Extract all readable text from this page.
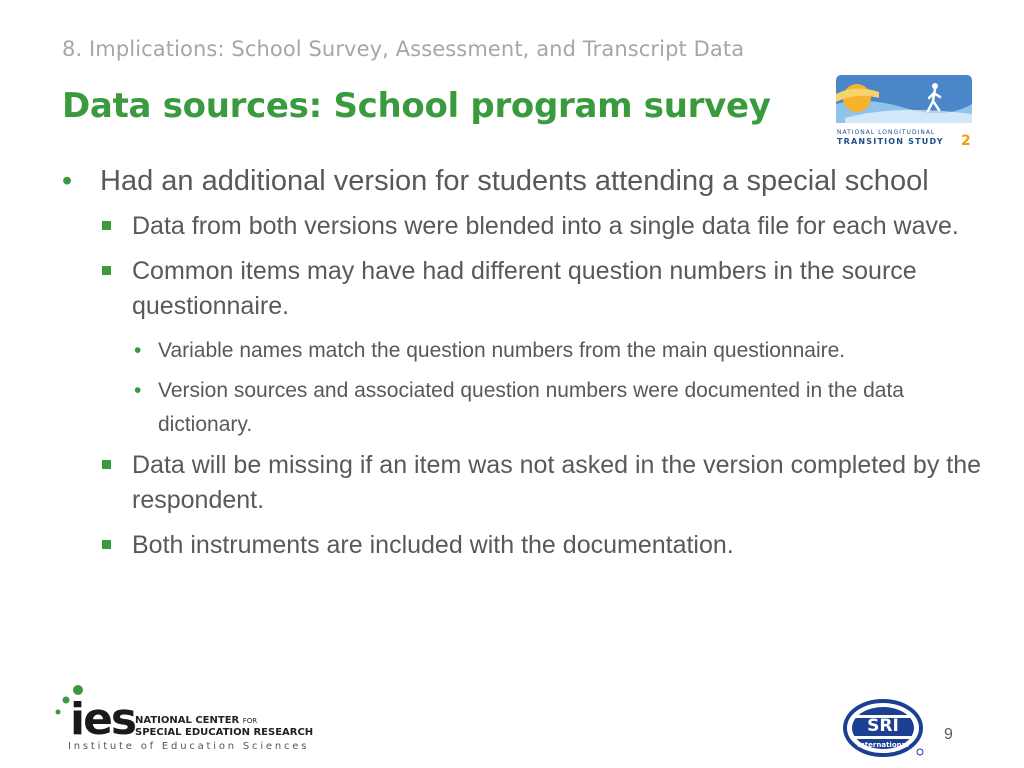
8. Implications: School Survey, Assessment, and Transcript Data
Data sources: School program survey
NATIONAL LONGITUDINAL
TRANSITION STUDY 2
• Had an additional version for students attending a special school
Data from both versions were blended into a single data file for each wave.
Common items may have had different question numbers in the source questionnaire.
• Variable names match the question numbers from the main questionnaire.
• Version sources and associated question numbers were documented in the data dictionary.
Data will be missing if an item was not asked in the version completed by the respondent.
Both instruments are included with the documentation.
ies NATIONAL CENTER FOR
SPECIAL EDUCATION RESEARCH
Institute of Education Sciences
SRI
International
9
